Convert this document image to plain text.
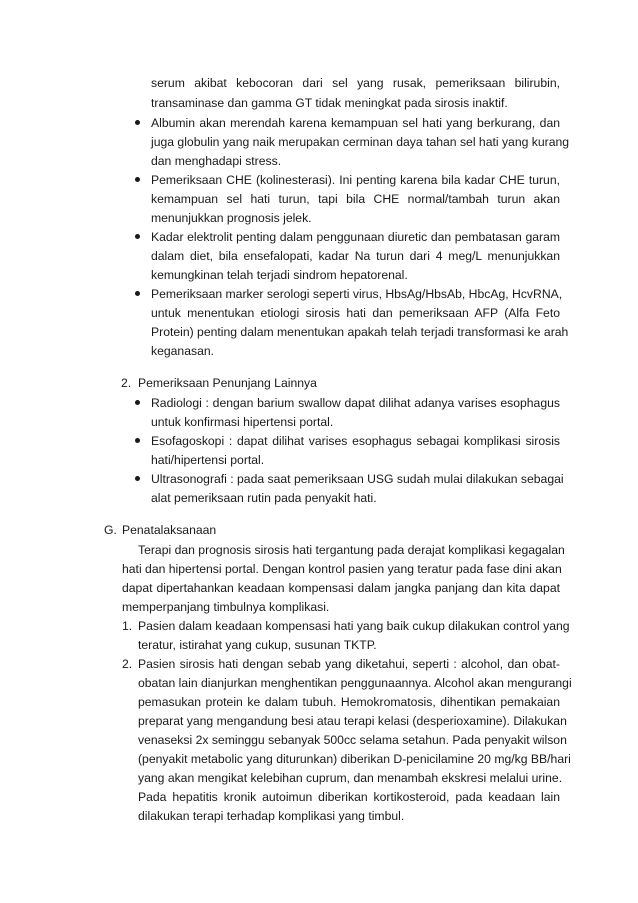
serum akibat kebocoran dari sel yang rusak, pemeriksaan bilirubin,
transaminase dan gamma GT tidak meningkat pada sirosis inaktif.
Albumin akan merendah karena kemampuan sel hati yang berkurang, dan
juga globulin yang naik merupakan cerminan daya tahan sel hati yang kurang
dan menghadapi stress.
Pemeriksaan CHE (kolinesterasi). Ini penting karena bila kadar CHE turun,
kemampuan sel hati turun, tapi bila CHE normal/tambah turun akan
menunjukkan prognosis jelek.
Kadar elektrolit penting dalam penggunaan diuretic dan pembatasan garam
dalam diet, bila ensefalopati, kadar Na turun dari 4 meg/L menunjukkan
kemungkinan telah terjadi sindrom hepatorenal.
Pemeriksaan marker serologi seperti virus, HbsAg/HbsAb, HbcAg, HcvRNA,
untuk menentukan etiologi sirosis hati dan pemeriksaan AFP (Alfa Feto
Protein) penting dalam menentukan apakah telah terjadi transformasi ke arah
keganasan.
2. Pemeriksaan Penunjang Lainnya
Radiologi : dengan barium swallow dapat dilihat adanya varises esophagus
untuk konfirmasi hipertensi portal.
Esofagoskopi : dapat dilihat varises esophagus sebagai komplikasi sirosis
hati/hipertensi portal.
Ultrasonografi : pada saat pemeriksaan USG sudah mulai dilakukan sebagai
alat pemeriksaan rutin pada penyakit hati.
G. Penatalaksanaan
Terapi dan prognosis sirosis hati tergantung pada derajat komplikasi kegagalan
hati dan hipertensi portal. Dengan kontrol pasien yang teratur pada fase dini akan
dapat dipertahankan keadaan kompensasi dalam jangka panjang dan kita dapat
memperpanjang timbulnya komplikasi.
1. Pasien dalam keadaan kompensasi hati yang baik cukup dilakukan control yang
teratur, istirahat yang cukup, susunan TKTP.
2. Pasien sirosis hati dengan sebab yang diketahui, seperti : alcohol, dan obat-
obatan lain dianjurkan menghentikan penggunaannya. Alcohol akan mengurangi
pemasukan protein ke dalam tubuh. Hemokromatosis, dihentikan pemakaian
preparat yang mengandung besi atau terapi kelasi (desperioxamine). Dilakukan
venaseksi 2x seminggu sebanyak 500cc selama setahun. Pada penyakit wilson
(penyakit metabolic yang diturunkan) diberikan D-penicilamine 20 mg/kg BB/hari
yang akan mengikat kelebihan cuprum, dan menambah ekskresi melalui urine.
Pada hepatitis kronik autoimun diberikan kortikosteroid, pada keadaan lain
dilakukan terapi terhadap komplikasi yang timbul.
